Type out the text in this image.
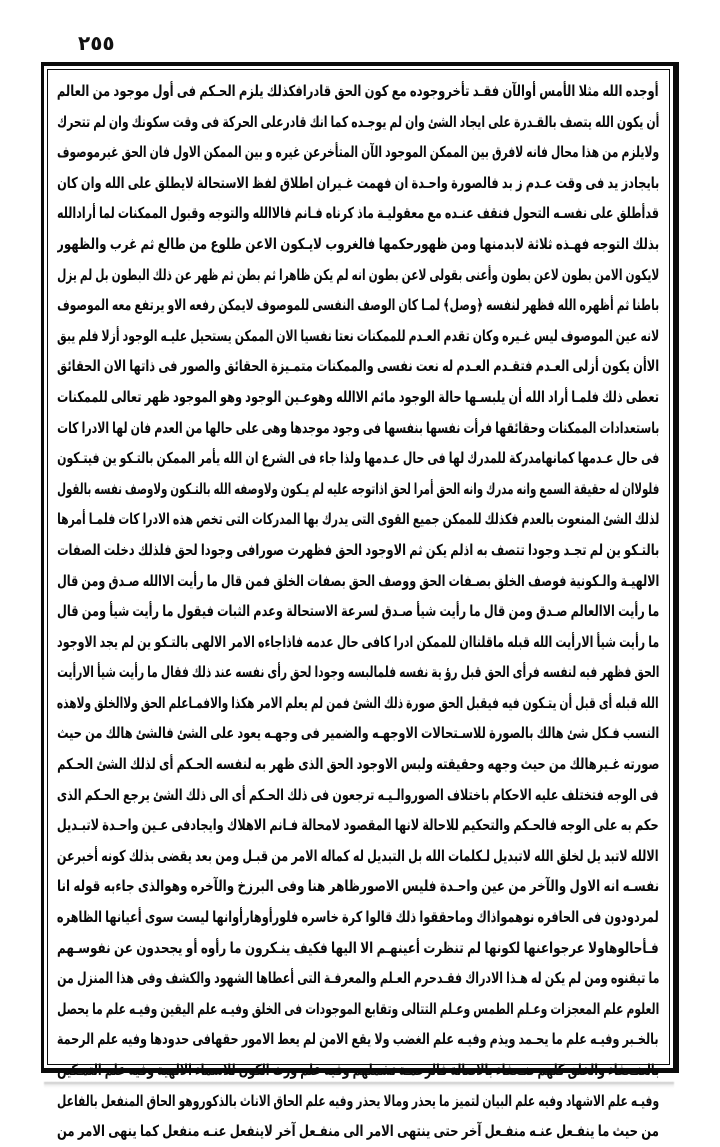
٢٥٥
أوجده الله مثلا الأمس أوالآن فقـد تأخروجوده مع كون الحق قادرافكذلك يلزم الحـكم فى أول موجود من العالم
أن يكون الله يتصف بالقـدرة على ايجاد الشئ وان لم يوجـده كما انك قادرعلى الحركة فى وقت سكونك وان لم تتحرك
ولايلزم من هذا محال فانه لافرق بين الممكن الموجود الآن المتأخرعن غيره و بين الممكن الاول فان الحق غيرموصوف
بايجادز يد فى وقت عـدم ز بد فالصورة واحـدة ان فهمت غـيران اطلاق لفظ الاستحالة لايطلق على الله وان كان
قدأطلق على نفسـه التحول فنقف عنـده مع معقوليـة ماذ كرناه فـانم فالاالله والتوجه وقبول الممكنات لما أرادالله
بذلك التوجه فهـذه ثلاثة لابدمنها ومن ظهورحكمها فالغروب لايـكون الاعن طلوع من طالع ثم غرب والظهور
لايكون الامن بطون لاعن بطون وأعنى بقولى لاعن بطون انه لم يكن ظاهرا ثم بطن ثم ظهر عن ذلك البطون بل لم يزل
باطنا ثم أظهره الله فظهر لنفسه ﴿وصل﴾ لمـا كان الوصف النفسى للموصوف لايمكن رفعه الاو يرتفع معه الموصوف
لانه عين الموصوف ليس غـيره وكان تقدم العـدم للممكنات نعتا نفسيا الان الممكن يستحيل عليـه الوجود أزلا فلم يبق
الاأن يكون أزلى العـدم فتقـدم العـدم له نعت نفسى والممكنات متمـيزة الحقائق والصور فى ذاتها الان الحقائق
تعطى ذلك فلمـا أراد الله أن يلبسـها حالة الوجود مائم الاالله وهوعـين الوجود وهو الموجود ظهر تعالى للممكنات
باستعدادات الممكنات وحقائقها فرأت نفسها بنفسها فى وجود موجدها وهى على حالها من العدم فان لها الادرا كات
فى حال عـدمها كمانهامدركة للمدرك لها فى حال عـدمها ولذا جاء فى الشرع ان الله يأمر الممكن بالتـكو ين فيتـكون
فلولاان له حقيقة السمع وانه مدرك وانه الحق أمرا لحق اذاتوجه عليه لم يـكون ولاوصفه الله بالتـكون ولاوصف نفسه بالقول
لذلك الشئ المنعوت بالعدم فكذلك للممكن جميع القوى التى يدرك بها المدركات التى تخص هذه الادرا كات فلمـا أمرها
بالتـكو ين لم تجـد وجودا تتصف به اذلم يكن ثم الاوجود الحق فظهرت صورافى وجودا لحق فلذلك دخلت الصفات
الالهيـة والـكونية فوصف الخلق بصـفات الحق ووصف الحق بصفات الخلق فمن قال ما رأيت الاالله صـدق ومن قال
ما رأيت الاالعالم صـدق ومن قال ما رأيت شيأ صـدق لسرعة الاستحالة وعدم الثبات فيقول ما رأيت شيأ ومن قال
ما رأيت شيأ الارأيت الله قبله ماقلناان للممكن ادرا كافى حال عدمه فاذاجاءه الامر الالهى بالتـكو ين لم يجد الاوجود
الحق فظهر فيه لنفسه فرأى الحق قبل رؤ ية نفسه فلمالبسه وجودا لحق رأى نفسه عند ذلك فقال ما رأيت شيأ الارأيت
الله قبله أى قبل أن يتـكون فيه فيقبل الحق صورة ذلك الشئ فمن لم يعلم الامر هكذا والافمـاعلم الحق ولاالخلق ولاهذه
النسب فـكل شئ هالك بالصورة للاسـتحالات الاوجهـه والضمير فى وجهـه يعود على الشئ فالشئ هالك من حيث
صورته غـيرهالك من حيث وجهه وحقيقته ولبس الاوجود الحق الذى ظهر به لنفسه الحـكم أى لذلك الشئ الحـكم
فى الوجه فتختلف عليه الاحكام باختلاف الصوروالـيـه ترجعون فى ذلك الحـكم أى الى ذلك الشئ يرجع الحـكم الذى
حكم به على الوجه فالحـكم والتحكيم للاحالة لانها المقصود لامحالة فـانم الاهلاك وايجادفى عـين واحـدة لاتبـديل
الالله لاتبد يل لخلق الله لاتبديل لـكلمات الله بل التبديل له كماله الامر من قبـل ومن بعد يقضى بذلك كونه أخبرعن
نفسـه انه الاول والآخر من عين واحـدة فليس الاصورظاهر هنا وفى البرزخ والآخره وهوالذى جاءبه قوله انا
لمردودون فى الحافره نوهمواذاك وماحققوا ذلك قالوا كرة خاسره فلورأوهارأوانها ليست سوى أعيانها الظاهره
فـأحالوهاولا عرجواعنها لكونها لم تنظرت أعينهـم الا اليها فكيف ينـكرون ما رأوه أو يجحدون عن نفوسـهم
ما تيقنوه ومن لم يكن له هـذا الادراك فقـدحرم العـلم والمعرفـة التى أعطاها الشهود والكشف وفى هذا المنزل من
العلوم علم المعجزات وعـلم الطمس وعـلم التتالى وتقابع الموجودات فى الخلق وفيـه علم اليقين وفيـه علم ما يحصل
بالخـبر وفيـه علم ما يحـمد ويذم وفيـه علم الغضب ولا يقع الامن لم يعط الامور حقهافى حدودها وفيه علم الرحمة
بالضـعفاء والخلق كلهم ضـعفاء بالاصالة فالرحمـة تشملهم وفيه علم ورث الكون للاسماء الالهية وفيه علم التمـكين
وفيـه علم الاشهاد وفيه علم البيان لتميز ما يحذر ومالا يحذر وفيه علم الحاق الاناث بالذكوروهو الحاق المنفعل بالفاعل
من حيث ما ينفـعل عنـه منفـعل آخر حتى ينتهى الامر الى منفـعل آخر لاينفعل عنـه منفعل كما ينهى الامر من
